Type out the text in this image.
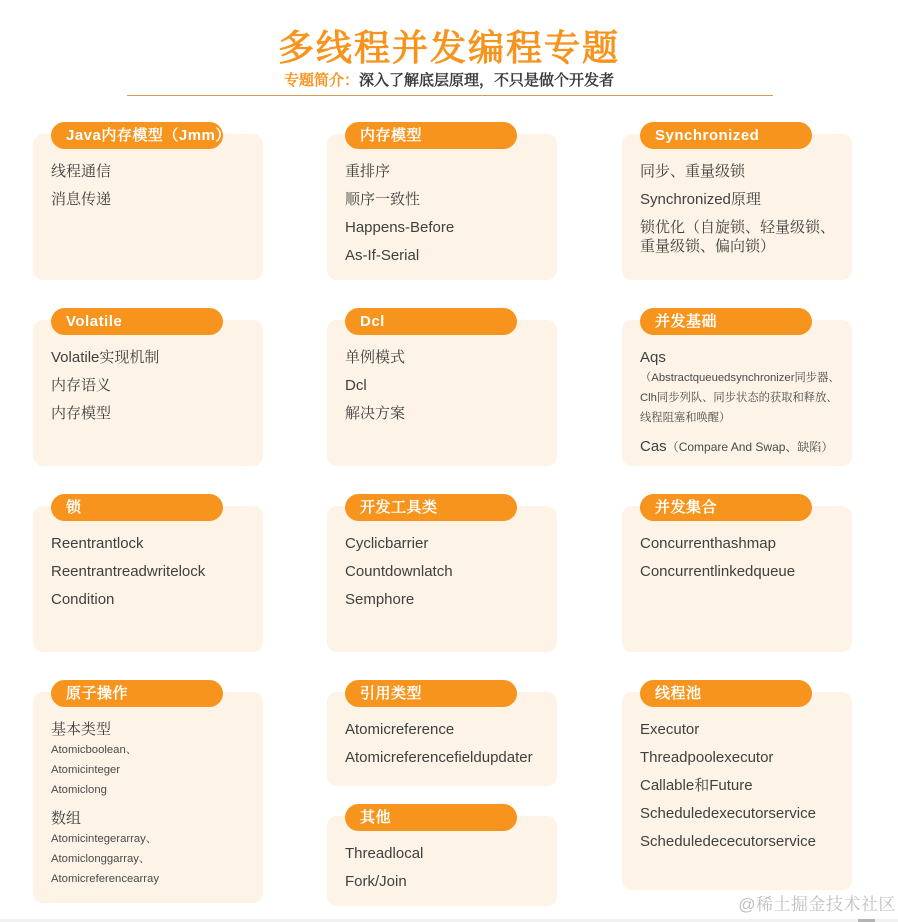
多线程并发编程专题
专题简介：深入了解底层原理，不只是做个开发者
Java内存模型（Jmm）
线程通信
消息传递
Volatile
Volatile实现机制
内存语义
内存模型
锁
Reentrantlock
Reentrantreadwritelock
Condition
原子操作
基本类型
Atomicboolean、
Atomicinteger
Atomiclong
数组
Atomicintegerarray、
Atomiclonggarray、
Atomicreferencearray
内存模型
重排序
顺序一致性
Happens-Before
As-If-Serial
Dcl
单例模式
Dcl
解决方案
开发工具类
Cyclicbarrier
Countdownlatch
Semphore
引用类型
Atomicreference
Atomicreferencefieldupdater
其他
Threadlocal
Fork/Join
Synchronized
同步、重量级锁
Synchronized原理
锁优化（自旋锁、轻量级锁、重量级锁、偏向锁）
并发基础
Aqs
（Abstractqueuedsynchronizer同步器、
Clh同步列队、同步状态的获取和释放、
线程阻塞和唤醒）
Cas（Compare And Swap、缺陷）
并发集合
Concurrenthashmap
Concurrentlinkedqueue
线程池
Executor
Threadpoolexecutor
Callable和Future
Scheduledexecutorservice
Scheduledececutorservice
@稀土掘金技术社区
